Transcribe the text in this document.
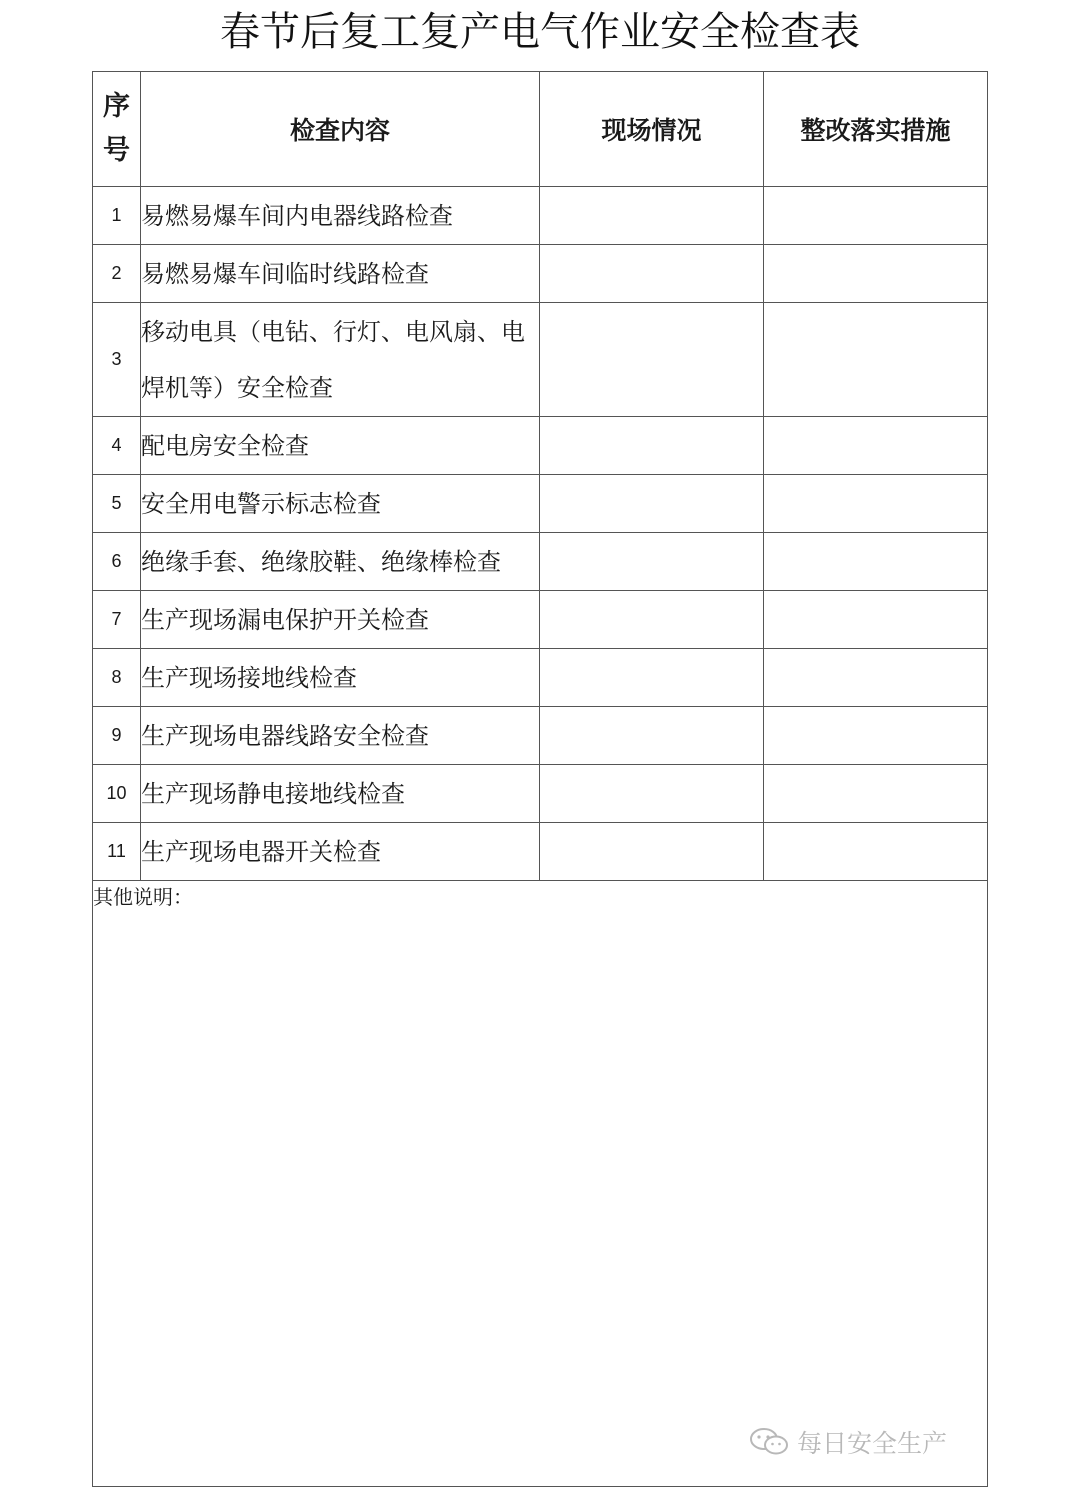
春节后复工复产电气作业安全检查表
序
号	检查内容	现场情况	整改落实措施
1	易燃易爆车间内电器线路检查		
2	易燃易爆车间临时线路检查		
3	移动电具（电钻、行灯、电风扇、电焊机等）安全检查		
4	配电房安全检查		
5	安全用电警示标志检查		
6	绝缘手套、绝缘胶鞋、绝缘棒检查		
7	生产现场漏电保护开关检查		
8	生产现场接地线检查		
9	生产现场电器线路安全检查		
10	生产现场静电接地线检查		
11	生产现场电器开关检查		
其他说明：
每日安全生产			
